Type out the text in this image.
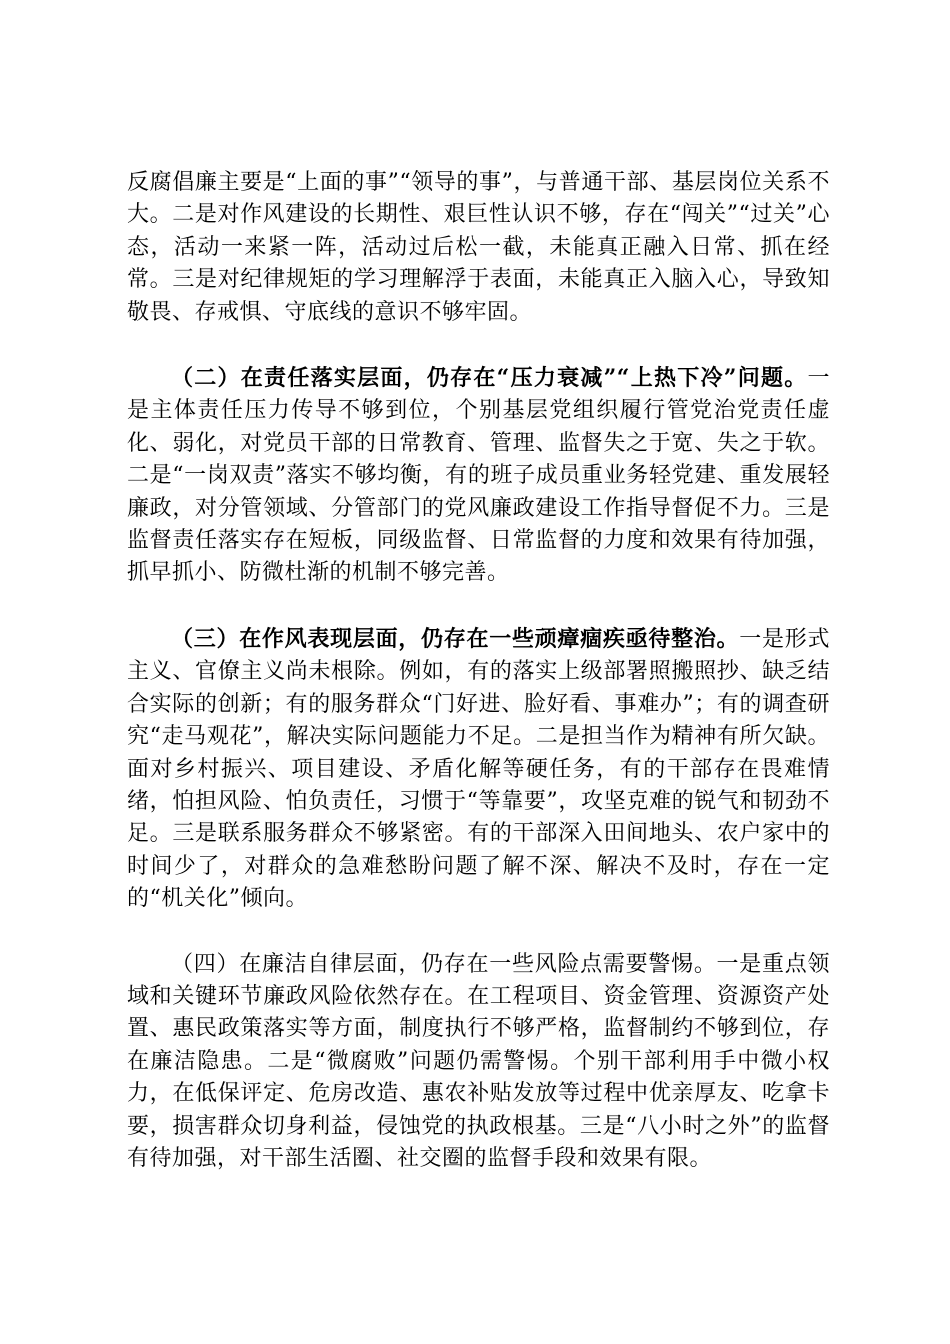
反腐倡廉主要是“上面的事”“领导的事”，与普通干部、基层岗位关系不大。二是对作风建设的长期性、艰巨性认识不够，存在“闯关”“过关”心态，活动一来紧一阵，活动过后松一截，未能真正融入日常、抓在经常。三是对纪律规矩的学习理解浮于表面，未能真正入脑入心，导致知敬畏、存戒惧、守底线的意识不够牢固。

（二）在责任落实层面，仍存在“压力衰减”“上热下冷”问题。一是主体责任压力传导不够到位，个别基层党组织履行管党治党责任虚化、弱化，对党员干部的日常教育、管理、监督失之于宽、失之于软。二是“一岗双责”落实不够均衡，有的班子成员重业务轻党建、重发展轻廉政，对分管领域、分管部门的党风廉政建设工作指导督促不力。三是监督责任落实存在短板，同级监督、日常监督的力度和效果有待加强，抓早抓小、防微杜渐的机制不够完善。

（三）在作风表现层面，仍存在一些顽瘴痼疾亟待整治。一是形式主义、官僚主义尚未根除。例如，有的落实上级部署照搬照抄、缺乏结合实际的创新；有的服务群众“门好进、脸好看、事难办”；有的调查研究“走马观花”，解决实际问题能力不足。二是担当作为精神有所欠缺。面对乡村振兴、项目建设、矛盾化解等硬任务，有的干部存在畏难情绪，怕担风险、怕负责任，习惯于“等靠要”，攻坚克难的锐气和韧劲不足。三是联系服务群众不够紧密。有的干部深入田间地头、农户家中的时间少了，对群众的急难愁盼问题了解不深、解决不及时，存在一定的“机关化”倾向。

（四）在廉洁自律层面，仍存在一些风险点需要警惕。一是重点领域和关键环节廉政风险依然存在。在工程项目、资金管理、资源资产处置、惠民政策落实等方面，制度执行不够严格，监督制约不够到位，存在廉洁隐患。二是“微腐败”问题仍需警惕。个别干部利用手中微小权力，在低保评定、危房改造、惠农补贴发放等过程中优亲厚友、吃拿卡要，损害群众切身利益，侵蚀党的执政根基。三是“八小时之外”的监督有待加强，对干部生活圈、社交圈的监督手段和效果有限。
